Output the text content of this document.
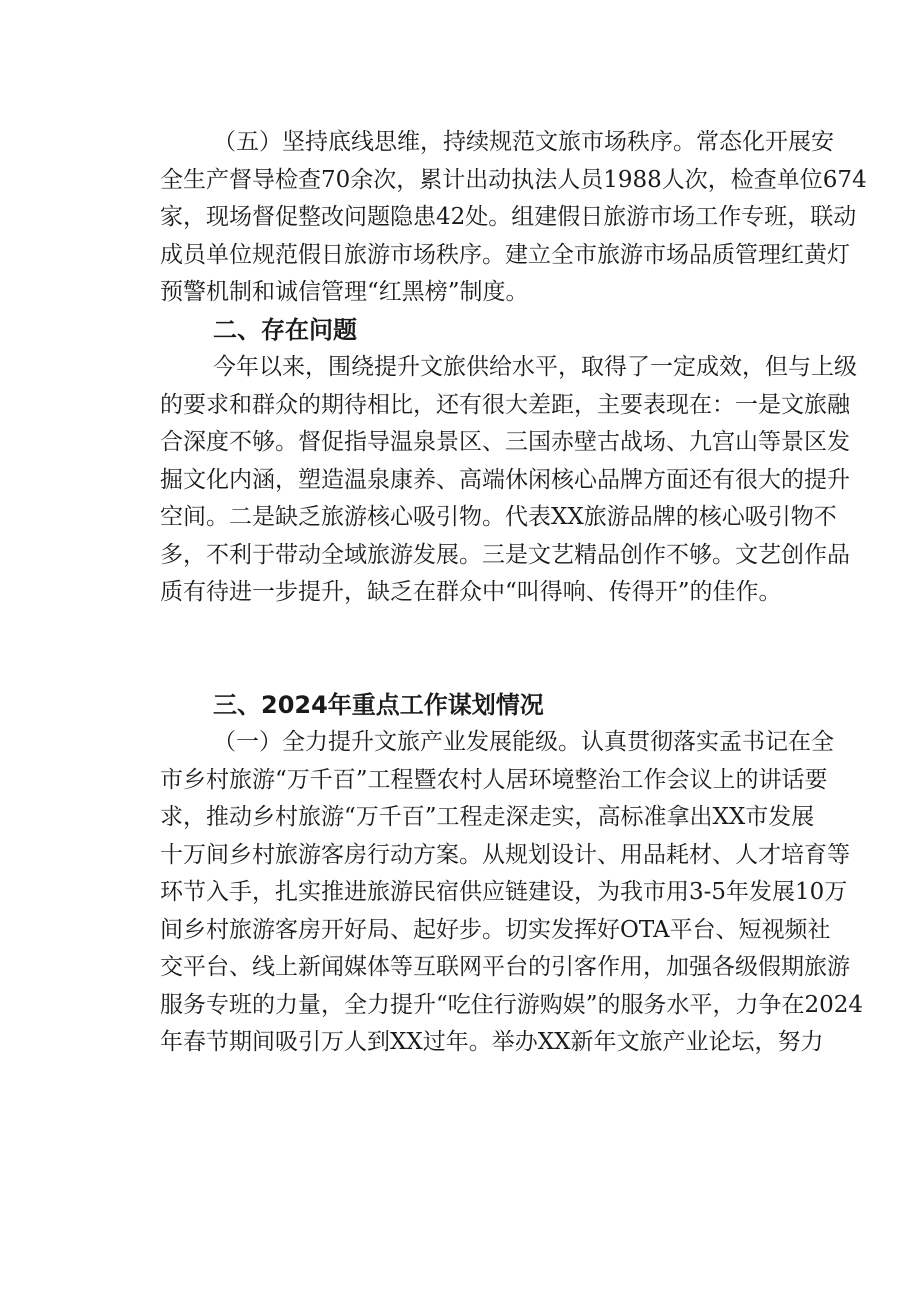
（五）坚持底线思维，持续规范文旅市场秩序。常态化开展安
全生产督导检查70余次，累计出动执法人员1988人次，检查单位674
家，现场督促整改问题隐患42处。组建假日旅游市场工作专班，联动
成员单位规范假日旅游市场秩序。建立全市旅游市场品质管理红黄灯
预警机制和诚信管理“红黑榜”制度。
二、存在问题
今年以来，围绕提升文旅供给水平，取得了一定成效，但与上级
的要求和群众的期待相比，还有很大差距，主要表现在：一是文旅融
合深度不够。督促指导温泉景区、三国赤壁古战场、九宫山等景区发
掘文化内涵，塑造温泉康养、高端休闲核心品牌方面还有很大的提升
空间。二是缺乏旅游核心吸引物。代表XX旅游品牌的核心吸引物不
多，不利于带动全域旅游发展。三是文艺精品创作不够。文艺创作品
质有待进一步提升，缺乏在群众中“叫得响、传得开”的佳作。
三、2024年重点工作谋划情况
（一）全力提升文旅产业发展能级。认真贯彻落实孟书记在全
市乡村旅游“万千百”工程暨农村人居环境整治工作会议上的讲话要
求，推动乡村旅游“万千百”工程走深走实，高标准拿出XX市发展
十万间乡村旅游客房行动方案。从规划设计、用品耗材、人才培育等
环节入手，扎实推进旅游民宿供应链建设，为我市用3-5年发展10万
间乡村旅游客房开好局、起好步。切实发挥好OTA平台、短视频社
交平台、线上新闻媒体等互联网平台的引客作用，加强各级假期旅游
服务专班的力量，全力提升“吃住行游购娱”的服务水平，力争在2024
年春节期间吸引万人到XX过年。举办XX新年文旅产业论坛，努力
